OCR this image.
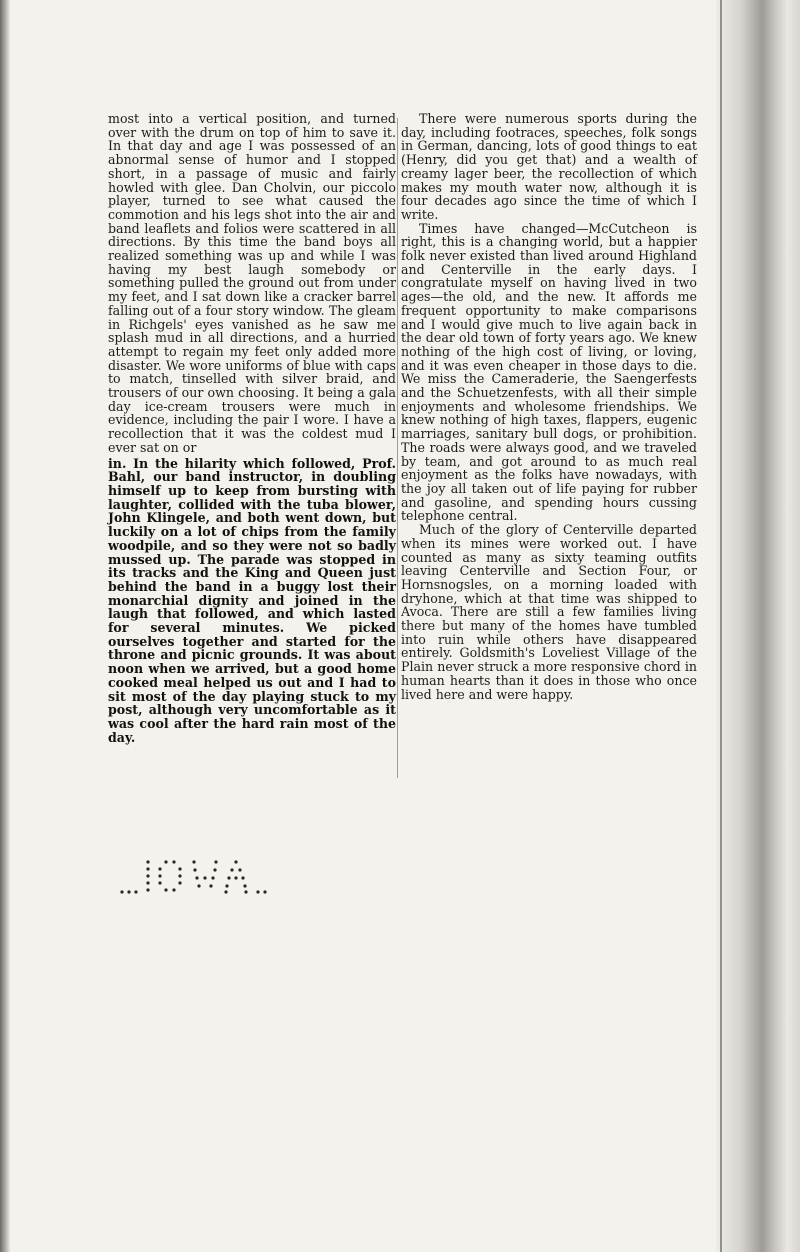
most into a vertical position, and turned over with the drum on top of him to save it. In that day and age I was possessed of an abnormal sense of humor and I stopped short, in a passage of music and fairly howled with glee. Dan Cholvin, our piccolo player, turned to see what caused the commotion and his legs shot into the air and band leaflets and folios were scattered in all directions. By this time the band boys all realized something was up and while I was having my best laugh somebody or something pulled the ground out from under my feet, and I sat down like a cracker barrel falling out of a four story window. The gleam in Richgels' eyes vanished as he saw me splash mud in all directions, and a hurried attempt to regain my feet only added more disaster. We wore uniforms of blue with caps to match, tinselled with silver braid, and trousers of our own choosing. It being a gala day ice-cream trousers were much in evidence, including the pair I wore. I have a recollection that it was the coldest mud I ever sat on or

in. In the hilarity which followed, Prof. Bahl, our band instructor, in doubling himself up to keep from bursting with laughter, collided with the tuba blower, John Klingele, and both went down, but luckily on a lot of chips from the family woodpile, and so they were not so badly mussed up. The parade was stopped in its tracks and the King and Queen just behind the band in a buggy lost their monarchial dignity and joined in the laugh that followed, and which lasted for several minutes. We picked ourselves together and started for the throne and picnic grounds. It was about noon when we arrived, but a good home cooked meal helped us out and I had to sit most of the day playing stuck to my post, although very uncomfortable as it was cool after the hard rain most of the day.

There were numerous sports during the day, including footraces, speeches, folk songs in German, dancing, lots of good things to eat (Henry, did you get that) and a wealth of creamy lager beer, the recollection of which makes my mouth water now, although it is four decades ago since the time of which I write.

Times have changed—McCutcheon is right, this is a changing world, but a happier folk never existed than lived around Highland and Centerville in the early days. I congratulate myself on having lived in two ages—the old, and the new. It affords me frequent opportunity to make comparisons and I would give much to live again back in the dear old town of forty years ago. We knew nothing of the high cost of living, or loving, and it was even cheaper in those days to die. We miss the Cameraderie, the Saengerfests and the Schuetzenfests, with all their simple enjoyments and wholesome friendships. We knew nothing of high taxes, flappers, eugenic marriages, sanitary bull dogs, or prohibition. The roads were always good, and we traveled by team, and got around to as much real enjoyment as the folks have nowadays, with the joy all taken out of life paying for rubber and gasoline, and spending hours cussing telephone central.

Much of the glory of Centerville departed when its mines were worked out. I have counted as many as sixty teaming outfits leaving Centerville and Section Four, or Hornsnogsles, on a morning loaded with dryhone, which at that time was shipped to Avoca. There are still a few families living there but many of the homes have tumbled into ruin while others have disappeared entirely. Goldsmith's Loveliest Village of the Plain never struck a more responsive chord in human hearts than it does in those who once lived here and were happy.
